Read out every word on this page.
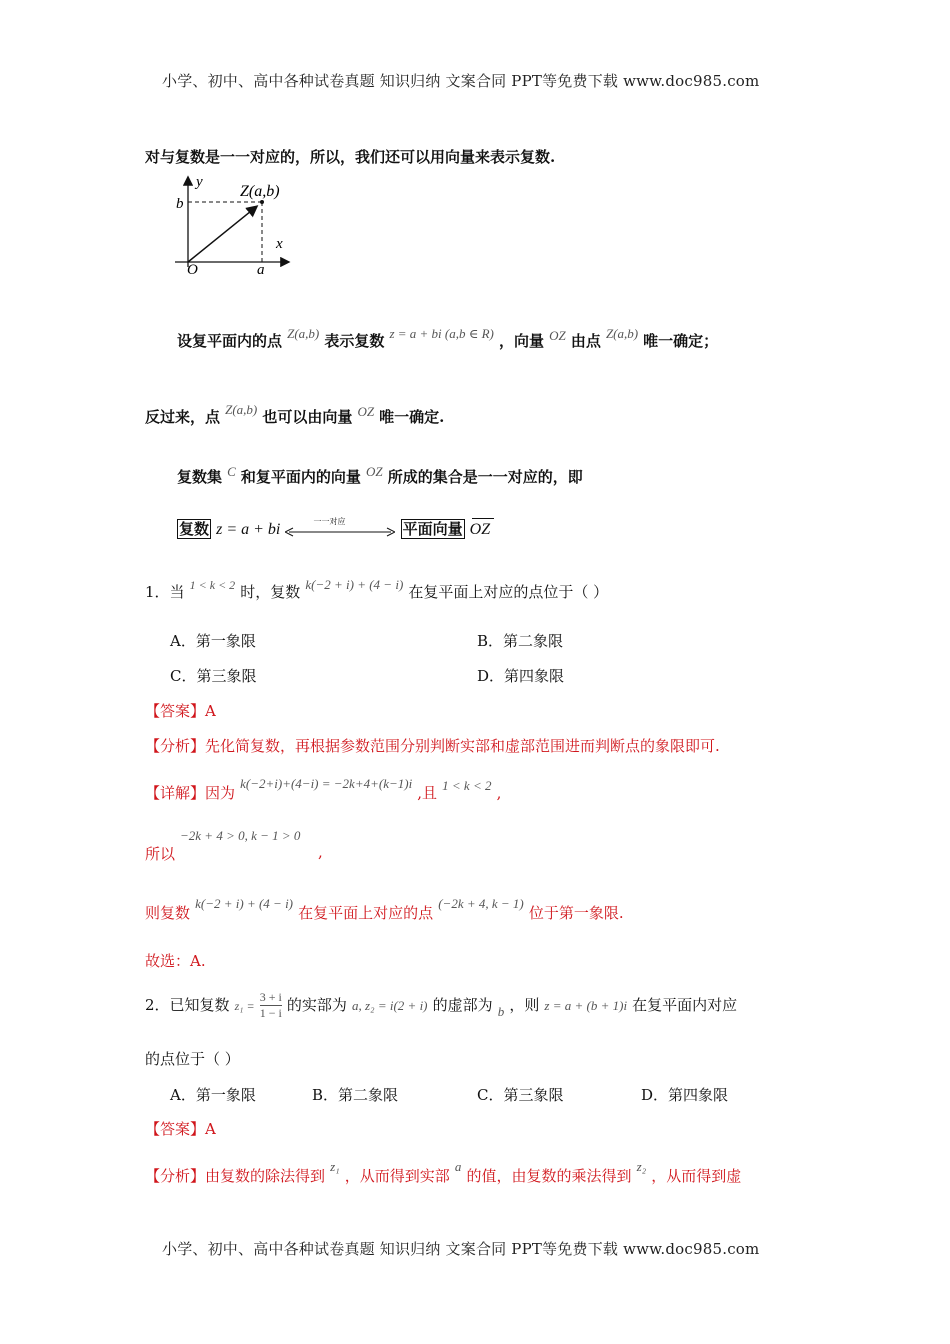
小学、初中、高中各种试卷真题 知识归纳 文案合同 PPT等免费下载 www.doc985.com
对与复数是一一对应的，所以，我们还可以用向量来表示复数.
y
x
b
a
O
Z(a,b)
设复平面内的点 $^{Z(a,b)}$ 表示复数 $^{z = a + bi (a,b \in R)}$ ，向量 $^{OZ}$ 由点 $^{Z(a,b)}$ 唯一确定；
反过来，点 $^{Z(a,b)}$ 也可以由向量 $^{OZ}$ 唯一确定.
复数集 $^C$ 和复平面内的向量 $^{OZ}$ 所成的集合是一一对应的，即
复数 z = a + bi	一一对应	平面向量 OZ
1．当 $^{1 < k < 2}$ 时，复数 $^{k(-2 + i) + (4 - i)}$ 在复平面上对应的点位于（ ）
A．第一象限	B．第二象限
C．第三象限	D．第四象限
【答案】A
【分析】先化简复数，再根据参数范围分别判断实部和虚部范围进而判断点的象限即可.
【详解】因为 $^{k(-2+i)+(4-i) = -2k+4+(k-1)i}$ ,且 $^{1 < k < 2}$ ,
−2k + 4 > 0, k − 1 > 0
所以	,
则复数 $^{k(-2 + i) + (4 - i)}$ 在复平面上对应的点 $^{(-2k + 4, k - 1)}$ 位于第一象限.
故选：A.
2．已知复数 $z_1 = \frac{3 + i}{1 - i}$ 的实部为 a, z₂ = i(2 + i) 的虚部为 $_b$ ，则 z = a + (b + 1)i 在复平面内对应
的点位于（ ）
A．第一象限	B．第二象限	C．第三象限	D．第四象限
【答案】A
【分析】由复数的除法得到 $^{z_1}$ ，从而得到实部 $^a$ 的值，由复数的乘法得到 $^{z_2}$ ，从而得到虚
小学、初中、高中各种试卷真题 知识归纳 文案合同 PPT等免费下载 www.doc985.com
